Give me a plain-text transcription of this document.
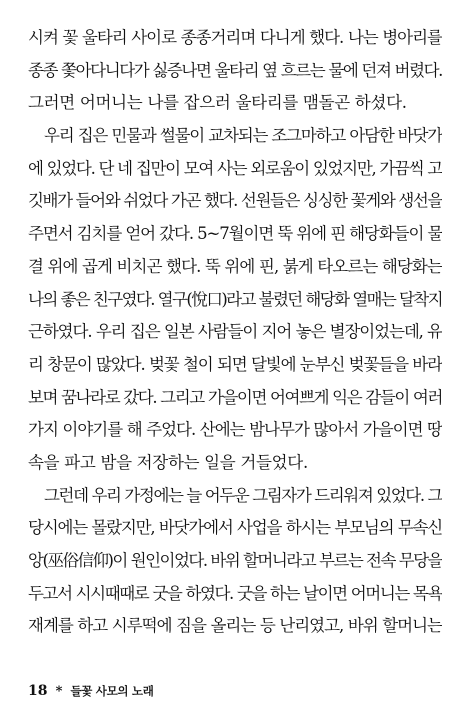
시켜 꽃 울타리 사이로 종종거리며 다니게 했다. 나는 병아리를
종종 쫓아다니다가 싫증나면 울타리 옆 흐르는 물에 던져 버렸다.
그러면 어머니는 나를 잡으러 울타리를 맴돌곤 하셨다.
우리 집은 민물과 썰물이 교차되는 조그마하고 아담한 바닷가
에 있었다. 단 네 집만이 모여 사는 외로움이 있었지만, 가끔씩 고
깃배가 들어와 쉬었다 가곤 했다. 선원들은 싱싱한 꽃게와 생선을
주면서 김치를 얻어 갔다. 5~7월이면 뚝 위에 핀 해당화들이 물
결 위에 곱게 비치곤 했다. 뚝 위에 핀, 붉게 타오르는 해당화는
나의 좋은 친구였다. 열구(悅口)라고 불렸던 해당화 열매는 달착지
근하였다. 우리 집은 일본 사람들이 지어 놓은 별장이었는데, 유
리 창문이 많았다. 벚꽃 철이 되면 달빛에 눈부신 벚꽃들을 바라
보며 꿈나라로 갔다. 그리고 가을이면 어여쁘게 익은 감들이 여러
가지 이야기를 해 주었다. 산에는 밤나무가 많아서 가을이면 땅
속을 파고 밤을 저장하는 일을 거들었다.
그런데 우리 가정에는 늘 어두운 그림자가 드리워져 있었다. 그
당시에는 몰랐지만, 바닷가에서 사업을 하시는 부모님의 무속신
앙(巫俗信仰)이 원인이었다. 바위 할머니라고 부르는 전속 무당을
두고서 시시때때로 굿을 하였다. 굿을 하는 날이면 어머니는 목욕
재계를 하고 시루떡에 짐을 올리는 등 난리였고, 바위 할머니는
18 * 들꽃 사모의 노래
